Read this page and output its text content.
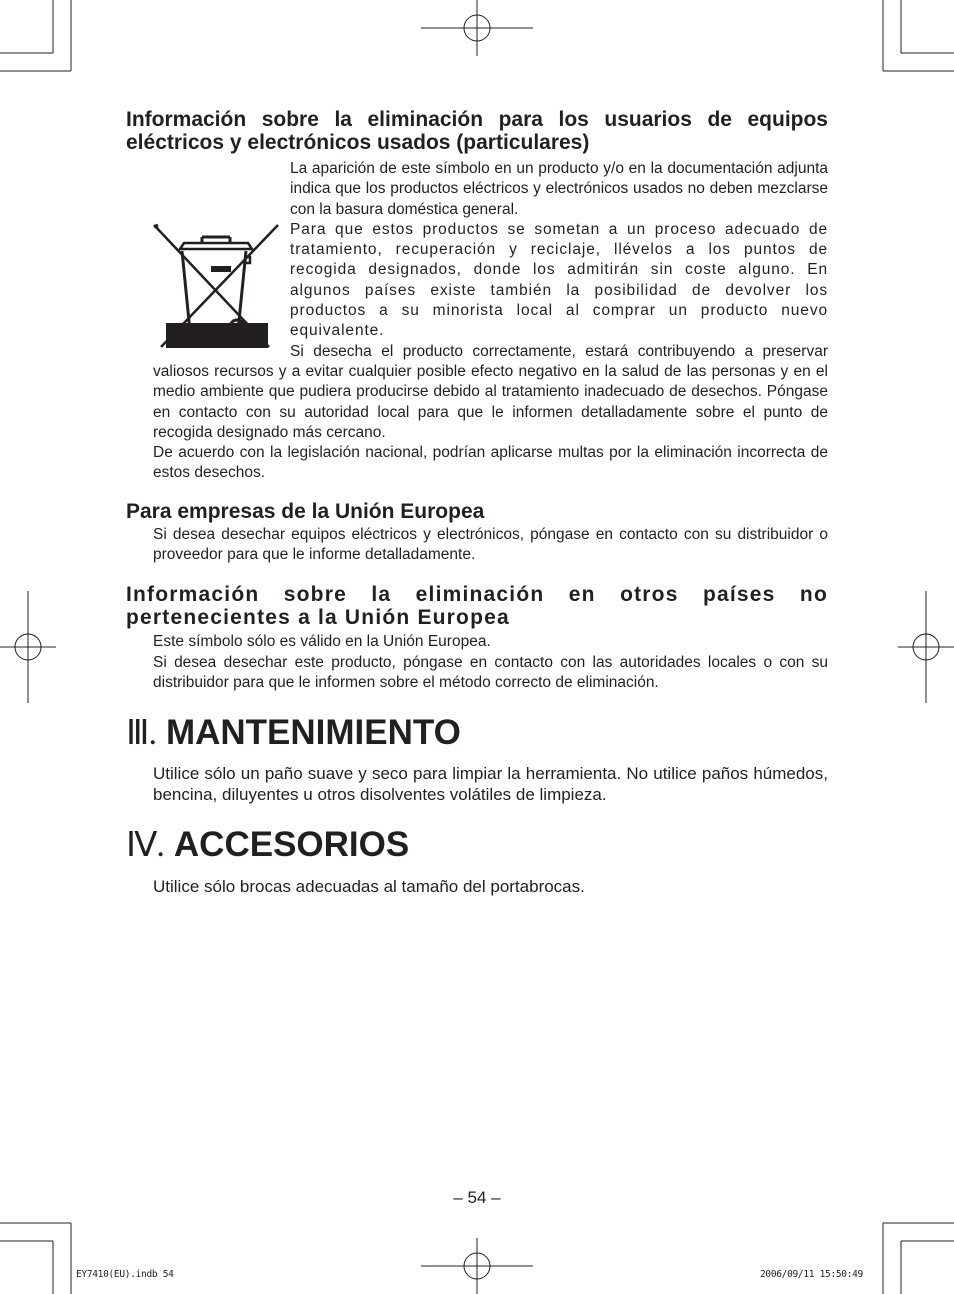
Información sobre la eliminación para los usuarios de equipos eléctricos y electrónicos usados (particulares)

La aparición de este símbolo en un producto y/o en la documentación adjunta indica que los productos eléctricos y electrónicos usados no deben mezclarse con la basura doméstica general.

Para que estos productos se sometan a un proceso adecuado de tratamiento, recuperación y reciclaje, llévelos a los puntos de recogida designados, donde los admitirán sin coste alguno. En algunos países existe también la posibilidad de devolver los productos a su minorista local al comprar un producto nuevo equivalente.

Si desecha el producto correctamente, estará contribuyendo a preservar valiosos recursos y a evitar cualquier posible efecto negativo en la salud de las personas y en el medio ambiente que pudiera producirse debido al tratamiento inadecuado de desechos. Póngase en contacto con su autoridad local para que le informen detalladamente sobre el punto de recogida designado más cercano.

De acuerdo con la legislación nacional, podrían aplicarse multas por la eliminación incorrecta de estos desechos.

Para empresas de la Unión Europea

Si desea desechar equipos eléctricos y electrónicos, póngase en contacto con su distribuidor o proveedor para que le informe detalladamente.

Información sobre la eliminación en otros países no pertenecientes a la Unión Europea

Este símbolo sólo es válido en la Unión Europea.

Si desea desechar este producto, póngase en contacto con las autoridades locales o con su distribuidor para que le informen sobre el método correcto de eliminación.

Ⅲ. MANTENIMIENTO

Utilice sólo un paño suave y seco para limpiar la herramienta. No utilice paños húmedos, bencina, diluyentes u otros disolventes volátiles de limpieza.

Ⅳ. ACCESORIOS

Utilice sólo brocas adecuadas al tamaño del portabrocas.

– 54 –
EY7410(EU).indb 54	2006/09/11 15:50:49
